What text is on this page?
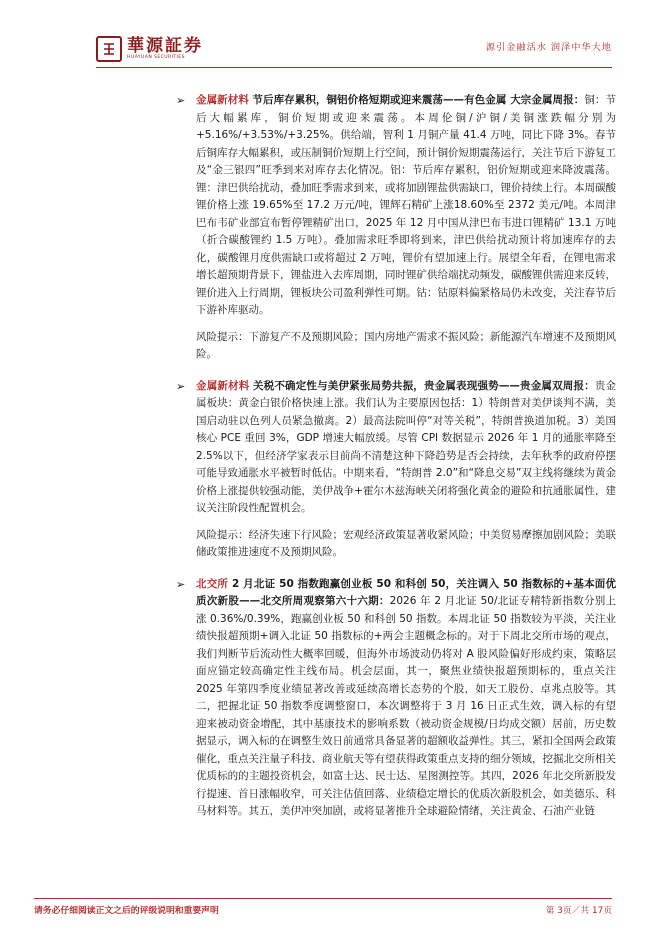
華源証券
HUAYUAN SECURITIES
源引金融活水 润泽中华大地
➢ 金属新材料 节后库存累积，铜铝价格短期或迎来震荡——有色金属 大宗金属周报：铜：节后大幅累库，铜价短期或迎来震荡。本周伦铜/沪铜/美铜涨跌幅分别为+5.16%/+3.53%/+3.25%。供给端，智利 1 月铜产量 41.4 万吨，同比下降 3%。春节后铜库存大幅累积，或压制铜价短期上行空间，预计铜价短期震荡运行，关注节后下游复工及“金三银四”旺季到来对库存去化情况。铝：节后库存累积，铝价短期或迎来降波震荡。锂：津巴供给扰动，叠加旺季需求到来，或将加剧锂盐供需缺口，锂价持续上行。本周碳酸锂价格上涨 19.65%至 17.2 万元/吨，锂辉石精矿上涨18.60%至 2372 美元/吨。本周津巴布韦矿业部宣布暂停锂精矿出口，2025 年 12 月中国从津巴布韦进口锂精矿 13.1 万吨（折合碳酸锂约 1.5 万吨）。叠加需求旺季即将到来，津巴供给扰动预计将加速库存的去化，碳酸锂月度供需缺口或将超过 2 万吨，锂价有望加速上行。展望全年看，在锂电需求增长超预期背景下，锂盐进入去库周期，同时锂矿供给端扰动频发，碳酸锂供需迎来反转，锂价进入上行周期，锂板块公司盈利弹性可期。钴：钴原料偏紧格局仍未改变，关注春节后下游补库驱动。

风险提示：下游复产不及预期风险；国内房地产需求不振风险；新能源汽车增速不及预期风险。

➢ 金属新材料 关税不确定性与美伊紧张局势共振，贵金属表现强势——贵金属双周报：贵金属板块：黄金白银价格快速上涨。我们认为主要原因包括：1）特朗普对美伊谈判不满，美国启动驻以色列人员紧急撤离。2）最高法院叫停“对等关税”，特朗普换道加税。3）美国核心 PCE 重回 3%，GDP 增速大幅放缓。尽管 CPI 数据显示 2026 年 1 月的通胀率降至 2.5%以下，但经济学家表示目前尚不清楚这种下降趋势是否会持续，去年秋季的政府停摆可能导致通胀水平被暂时低估。中期来看，“特朗普 2.0”和“降息交易”双主线将继续为黄金价格上涨提供较强动能，美伊战争+霍尔木兹海峡关闭将强化黄金的避险和抗通胀属性，建议关注阶段性配置机会。

风险提示：经济失速下行风险；宏观经济政策显著收紧风险；中美贸易摩擦加剧风险；美联储政策推进速度不及预期风险。

➢ 北交所 2 月北证 50 指数跑赢创业板 50 和科创 50，关注调入 50 指数标的+基本面优质次新股——北交所周观察第六十六期：2026 年 2 月北证 50/北证专精特新指数分别上涨 0.36%/0.39%，跑赢创业板 50 和科创 50 指数。本周北证 50 指数较为平淡，关注业绩快报超预期+调入北证 50 指数标的+两会主题概念标的。对于下周北交所市场的观点，我们判断节后流动性大概率回暖，但海外市场波动仍将对 A 股风险偏好形成约束，策略层面应锚定较高确定性主线布局。机会层面，其一，聚焦业绩快报超预期标的，重点关注 2025 年第四季度业绩显著改善或延续高增长态势的个股，如天工股份、卓兆点胶等。其二，把握北证 50 指数季度调整窗口，本次调整将于 3 月 16 日正式生效，调入标的有望迎来被动资金增配，其中基康技术的影响系数（被动资金规模/日均成交额）居前，历史数据显示，调入标的在调整生效日前通常具备显著的超额收益弹性。其三，紧扣全国两会政策催化，重点关注量子科技、商业航天等有望获得政策重点支持的细分领域，挖掘北交所相关优质标的的主题投资机会，如富士达、民士达、星图测控等。其四，2026 年北交所新股发行提速、首日涨幅收窄，可关注估值回落、业绩稳定增长的优质次新股机会，如美德乐、科马材料等。其五，美伊冲突加剧，或将显著推升全球避险情绪，关注黄金、石油产业链

请务必仔细阅读正文之后的评级说明和重要声明	第 3页／共 17页
